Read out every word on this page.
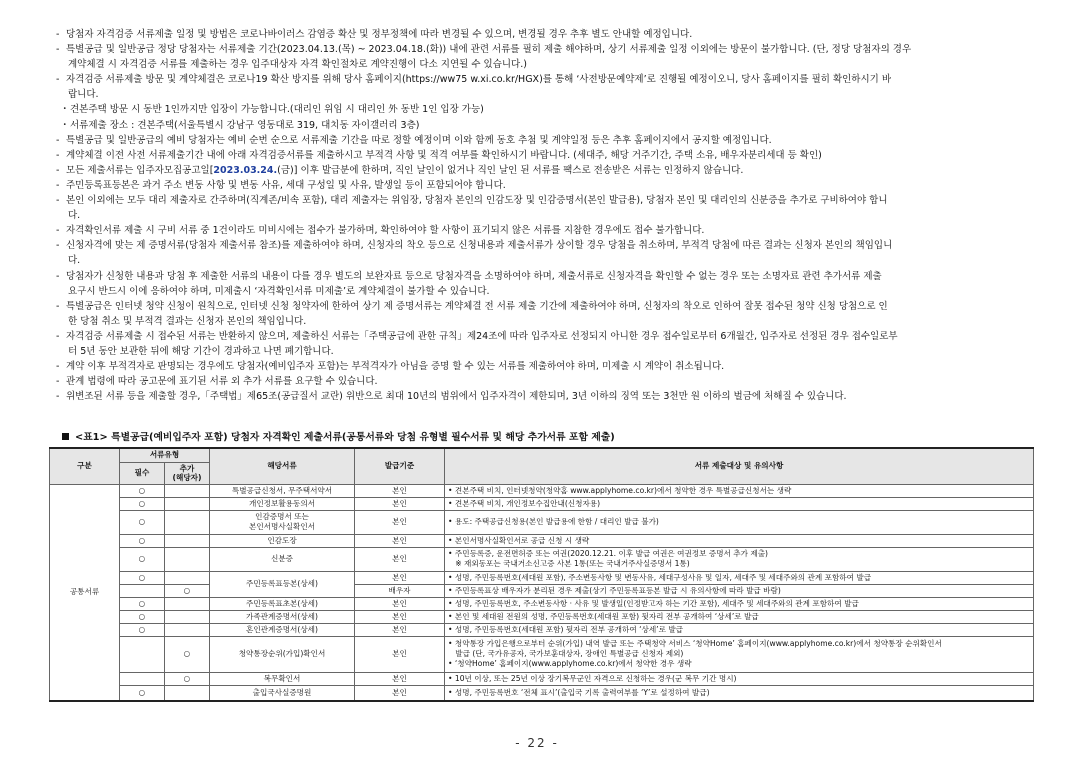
- 당첨자 자격검증 서류제출 일정 및 방법은 코로나바이러스 감염증 확산 및 정부정책에 따라 변경될 수 있으며, 변경될 경우 추후 별도 안내할 예정입니다.
- 특별공급 및 일반공급 정당 당첨자는 서류제출 기간(2023.04.13.(목) ~ 2023.04.18.(화)) 내에 관련 서류를 필히 제출 해야하며, 상기 서류제출 일정 이외에는 방문이 불가합니다. (단, 정당 당첨자의 경우
계약체결 시 자격검증 서류를 제출하는 경우 입주대상자 자격 확인절차로 계약진행이 다소 지연될 수 있습니다.)
- 자격검증 서류제출 방문 및 계약체결은 코로나19 확산 방지를 위해 당사 홈페이지(https://ww75 w.xi.co.kr/HGX)를 통해 ‘사전방문예약제’로 진행될 예정이오니, 당사 홈페이지를 필히 확인하시기 바
랍니다.
・ 견본주택 방문 시 동반 1인까지만 입장이 가능합니다.(대리인 위임 시 대리인 外 동반 1인 입장 가능)
・ 서류제출 장소 : 견본주택(서울특별시 강남구 영동대로 319, 대치동 자이갤러리 3층)
- 특별공급 및 일반공급의 예비 당첨자는 예비 순번 순으로 서류제출 기간을 따로 정할 예정이며 이와 함께 동호 추첨 및 계약일정 등은 추후 홈페이지에서 공지할 예정입니다.
- 계약체결 이전 사전 서류제출기간 내에 아래 자격검증서류를 제출하시고 부적격 사항 및 적격 여부를 확인하시기 바랍니다. (세대주, 해당 거주기간, 주택 소유, 배우자분리세대 등 확인)
- 모든 제출서류는 입주자모집공고일[2023.03.24.(금)] 이후 발급분에 한하며, 직인 날인이 없거나 직인 날인 된 서류를 팩스로 전송받은 서류는 인정하지 않습니다.
- 주민등록표등본은 과거 주소 변동 사항 및 변동 사유, 세대 구성일 및 사유, 발생일 등이 포함되어야 합니다.
- 본인 이외에는 모두 대리 제출자로 간주하며(직계존/비속 포함), 대리 제출자는 위임장, 당첨자 본인의 인감도장 및 인감증명서(본인 발급용), 당첨자 본인 및 대리인의 신분증을 추가로 구비하여야 합니
다.
- 자격확인서류 제출 시 구비 서류 중 1건이라도 미비시에는 접수가 불가하며, 확인하여야 할 사항이 표기되지 않은 서류를 지참한 경우에도 접수 불가합니다.
- 신청자격에 맞는 제 증명서류(당첨자 제출서류 참조)를 제출하여야 하며, 신청자의 착오 등으로 신청내용과 제출서류가 상이할 경우 당첨을 취소하며, 부적격 당첨에 따른 결과는 신청자 본인의 책임입니
다.
- 당첨자가 신청한 내용과 당첨 후 제출한 서류의 내용이 다를 경우 별도의 보완자료 등으로 당첨자격을 소명하여야 하며, 제출서류로 신청자격을 확인할 수 없는 경우 또는 소명자료 관련 추가서류 제출
요구시 반드시 이에 응하여야 하며, 미제출시 ‘자격확인서류 미제출’로 계약체결이 불가할 수 있습니다.
- 특별공급은 인터넷 청약 신청이 원칙으로, 인터넷 신청 청약자에 한하여 상기 제 증명서류는 계약체결 전 서류 제출 기간에 제출하여야 하며, 신청자의 착오로 인하여 잘못 접수된 청약 신청 당첨으로 인
한 당첨 취소 및 부적격 결과는 신청자 본인의 책임입니다.
- 자격검증 서류제출 시 접수된 서류는 반환하지 않으며, 제출하신 서류는「주택공급에 관한 규칙」제24조에 따라 입주자로 선정되지 아니한 경우 접수일로부터 6개월간, 입주자로 선정된 경우 접수일로부
터 5년 동안 보관한 뒤에 해당 기간이 경과하고 나면 폐기합니다.
- 계약 이후 부적격자로 판명되는 경우에도 당첨자(예비입주자 포함)는 부적격자가 아님을 증명 할 수 있는 서류를 제출하여야 하며, 미제출 시 계약이 취소됩니다.
- 관계 법령에 따라 공고문에 표기된 서류 외 추가 서류를 요구할 수 있습니다.
- 위변조된 서류 등을 제출할 경우,「주택법」제65조(공급질서 교란) 위반으로 최대 10년의 범위에서 입주자격이 제한되며, 3년 이하의 징역 또는 3천만 원 이하의 벌금에 처해질 수 있습니다.
<표1> 특별공급(예비입주자 포함) 당첨자 자격확인 제출서류(공통서류와 당첨 유형별 필수서류 및 해당 추가서류 포함 제출)
구분	서류유형		해당서류	발급기준	서류 제출대상 및 유의사항
	필수	추가
(해당자)			
공통서류	○		특별공급신청서, 무주택서약서	본인	• 견본주택 비치, 인터넷청약(청약홈 www.applyhome.co.kr)에서 청약한 경우 특별공급신청서는 생략

	○		개인정보활용동의서	본인	• 견본주택 비치, 개인정보수집안내(신청자용)

	○		인감증명서 또는
본인서명사실확인서	본인	• 용도: 주택공급신청용(본인 발급용에 한함 / 대리인 발급 불가)

	○		인감도장	본인	• 본인서명사실확인서로 공급 신청 시 생략

	○		신분증	본인	• 주민등록증, 운전면허증 또는 여권(2020.12.21. 이후 발급 여권은 여권정보 증명서 추가 제출)
※ 재외동포는 국내거소신고증 사본 1통(또는 국내거주사실증명서 1통)

	○		주민등록표등본(상세)	본인	• 성명, 주민등록번호(세대원 포함), 주소변동사항 및 변동사유, 세대구성사유 및 일자, 세대주 및 세대주와의 관계 포함하여 발급

		○		배우자	• 주민등록표상 배우자가 분리된 경우 제출(상기 주민등록표등본 발급 시 유의사항에 따라 발급 바람)

	○		주민등록표초본(상세)	본인	• 성명, 주민등록번호, 주소변동사항 · 사유 및 발생일(인정받고자 하는 기간 포함), 세대주 및 세대주와의 관계 포함하여 발급

	○		가족관계증명서(상세)	본인	• 본인 및 세대원 전원의 성명, 주민등록번호(세대원 포함) 뒷자리 전부 공개하여 ‘상세’로 발급

	○		혼인관계증명서(상세)	본인	• 성명, 주민등록번호(세대원 포함) 뒷자리 전부 공개하여 ‘상세’로 발급

		○	청약통장순위(가입)확인서	본인	• 청약통장 가입은행으로부터 순위(가입) 내역 발급 또는 주택청약 서비스 ‘청약Home’ 홈페이지(www.applyhome.co.kr)에서 청약통장 순위확인서
발급 (단, 국가유공자, 국가보훈대상자, 장애인 특별공급 신청자 제외)
• ‘청약Home’ 홈페이지(www.applyhome.co.kr)에서 청약한 경우 생략

		○	복무확인서	본인	• 10년 이상, 또는 25년 이상 장기복무군인 자격으로 신청하는 경우(군 복무 기간 명시)

	○		출입국사실증명원	본인	• 성명, 주민등록번호 ‘전체 표시’(출입국 기록 출력여부를 ‘Y’로 설정하여 발급)
- 22 -
